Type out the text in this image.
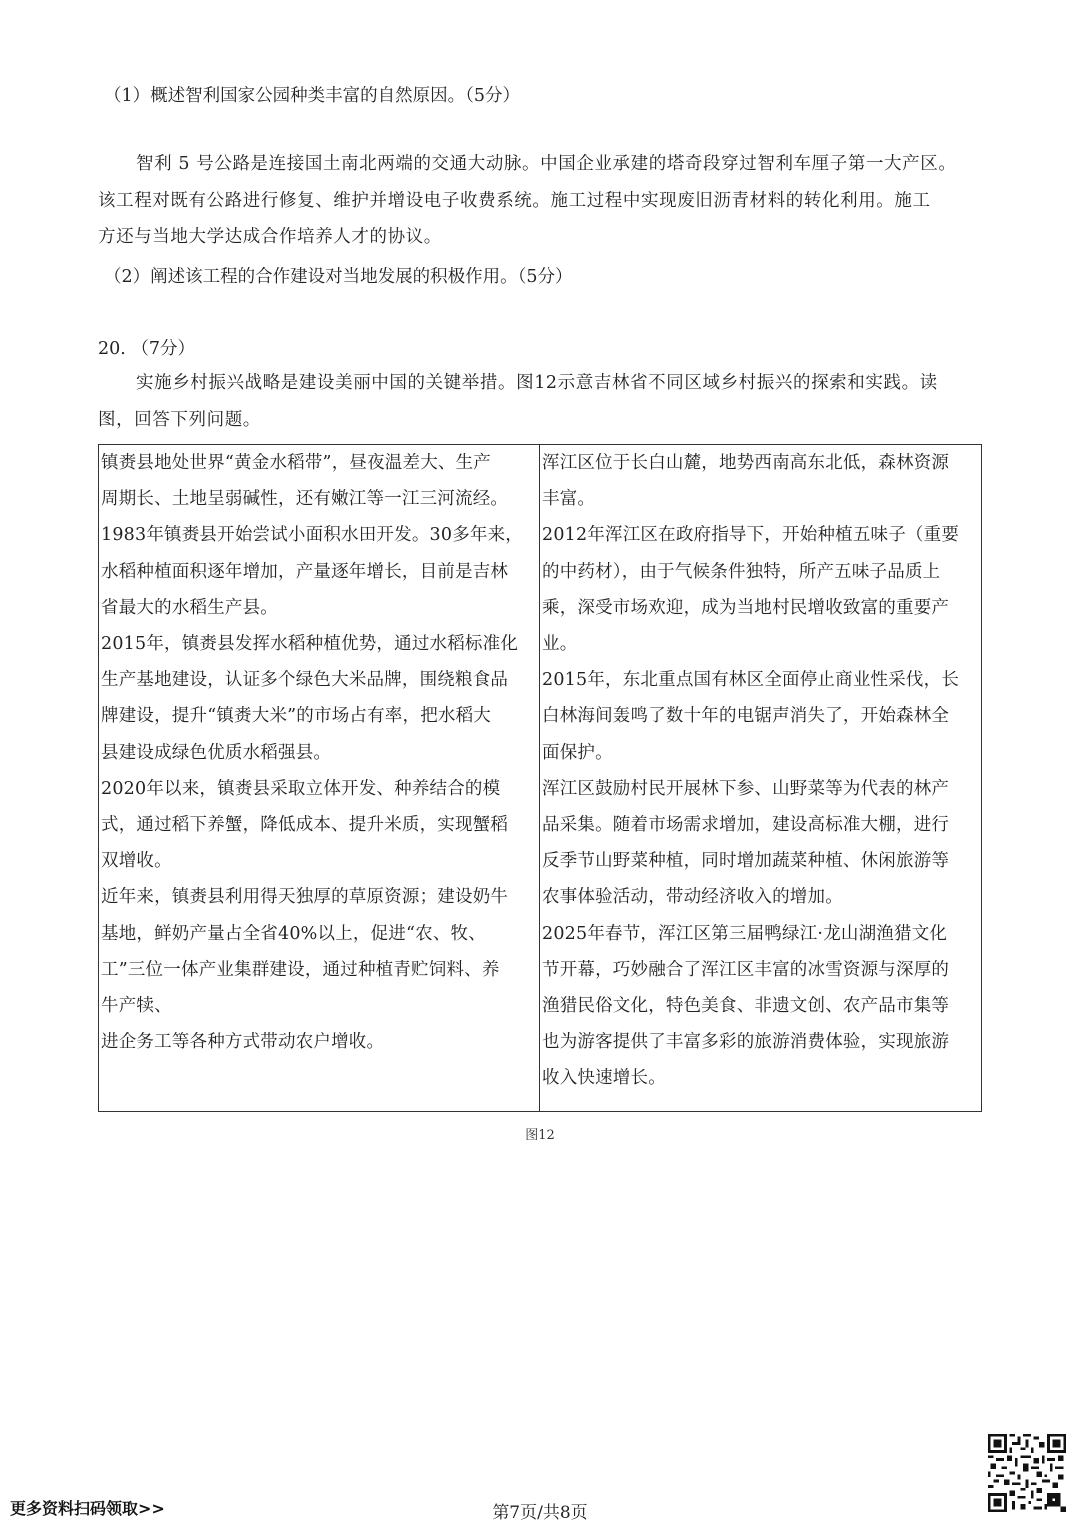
（1）概述智利国家公园种类丰富的自然原因。（5分）
智利 5 号公路是连接国土南北两端的交通大动脉。中国企业承建的塔奇段穿过智利车厘子第一大产区。
该工程对既有公路进行修复、维护并增设电子收费系统。施工过程中实现废旧沥青材料的转化利用。施工
方还与当地大学达成合作培养人才的协议。
（2）阐述该工程的合作建设对当地发展的积极作用。（5分）
20. （7分）
实施乡村振兴战略是建设美丽中国的关键举措。图12示意吉林省不同区域乡村振兴的探索和实践。读
图，回答下列问题。
镇赉县地处世界“黄金水稻带”，昼夜温差大、生产
周期长、土地呈弱碱性，还有嫩江等一江三河流经。
1983年镇赉县开始尝试小面积水田开发。30多年来，
水稻种植面积逐年增加，产量逐年增长，目前是吉林
省最大的水稻生产县。
2015年，镇赉县发挥水稻种植优势，通过水稻标准化
生产基地建设，认证多个绿色大米品牌，围绕粮食品
牌建设，提升“镇赉大米”的市场占有率，把水稻大
县建设成绿色优质水稻强县。
2020年以来，镇赉县采取立体开发、种养结合的模
式，通过稻下养蟹，降低成本、提升米质，实现蟹稻
双增收。
近年来，镇赉县利用得天独厚的草原资源；建设奶牛
基地，鲜奶产量占全省40%以上，促进“农、牧、
工”三位一体产业集群建设，通过种植青贮饲料、养
牛产犊、
进企务工等各种方式带动农户增收。
浑江区位于长白山麓，地势西南高东北低，森林资源
丰富。
2012年浑江区在政府指导下，开始种植五味子（重要
的中药材），由于气候条件独特，所产五味子品质上
乘，深受市场欢迎，成为当地村民增收致富的重要产
业。
2015年，东北重点国有林区全面停止商业性采伐，长
白林海间轰鸣了数十年的电锯声消失了，开始森林全
面保护。
浑江区鼓励村民开展林下参、山野菜等为代表的林产
品采集。随着市场需求增加，建设高标准大棚，进行
反季节山野菜种植，同时增加蔬菜种植、休闲旅游等
农事体验活动，带动经济收入的增加。
2025年春节，浑江区第三届鸭绿江·龙山湖渔猎文化
节开幕，巧妙融合了浑江区丰富的冰雪资源与深厚的
渔猎民俗文化，特色美食、非遗文创、农产品市集等
也为游客提供了丰富多彩的旅游消费体验，实现旅游
收入快速增长。
图12
更多资料扫码领取>>	第7页/共8页
